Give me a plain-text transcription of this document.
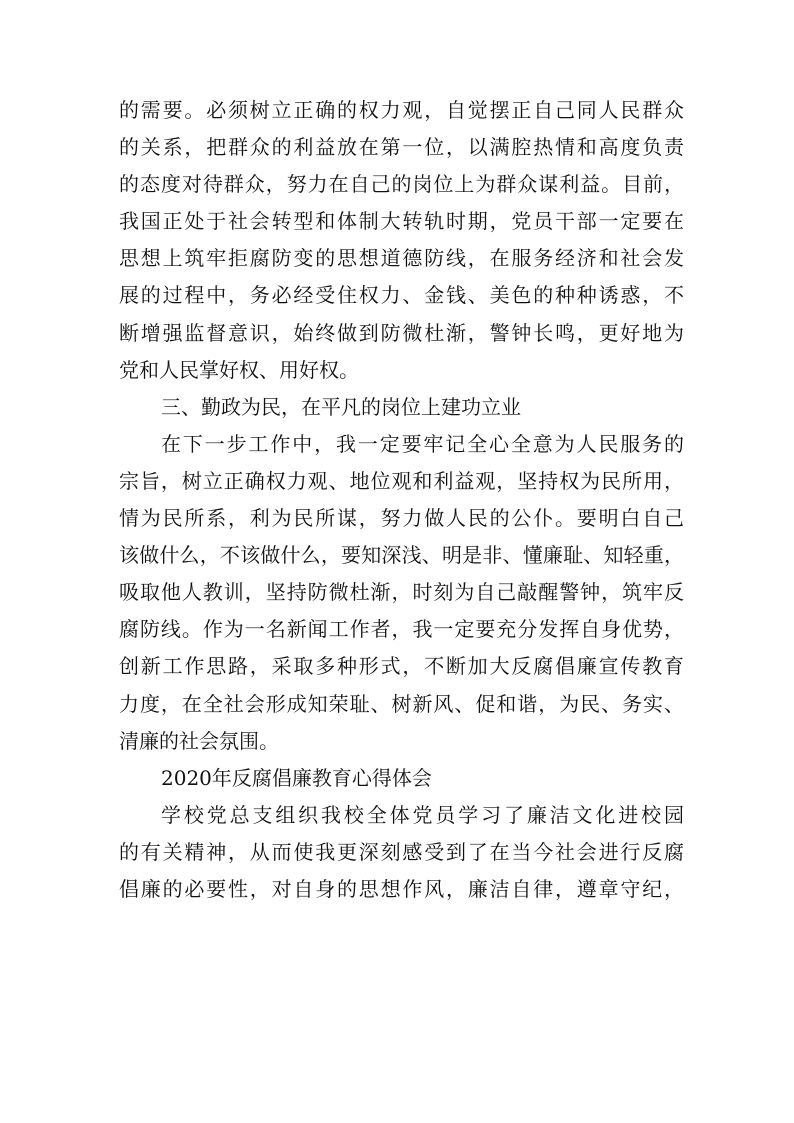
的需要。必须树立正确的权力观，自觉摆正自己同人民群众
的关系，把群众的利益放在第一位，以满腔热情和高度负责
的态度对待群众，努力在自己的岗位上为群众谋利益。目前，
我国正处于社会转型和体制大转轨时期，党员干部一定要在
思想上筑牢拒腐防变的思想道德防线，在服务经济和社会发
展的过程中，务必经受住权力、金钱、美色的种种诱惑，不
断增强监督意识，始终做到防微杜渐，警钟长鸣，更好地为
党和人民掌好权、用好权。
三、勤政为民，在平凡的岗位上建功立业
在下一步工作中，我一定要牢记全心全意为人民服务的
宗旨，树立正确权力观、地位观和利益观，坚持权为民所用，
情为民所系，利为民所谋，努力做人民的公仆。要明白自己
该做什么，不该做什么，要知深浅、明是非、懂廉耻、知轻重，
吸取他人教训，坚持防微杜渐，时刻为自己敲醒警钟，筑牢反
腐防线。作为一名新闻工作者，我一定要充分发挥自身优势，
创新工作思路，采取多种形式，不断加大反腐倡廉宣传教育
力度，在全社会形成知荣耻、树新风、促和谐，为民、务实、
清廉的社会氛围。
2020年反腐倡廉教育心得体会
学校党总支组织我校全体党员学习了廉洁文化进校园
的有关精神，从而使我更深刻感受到了在当今社会进行反腐
倡廉的必要性，对自身的思想作风，廉洁自律，遵章守纪，
